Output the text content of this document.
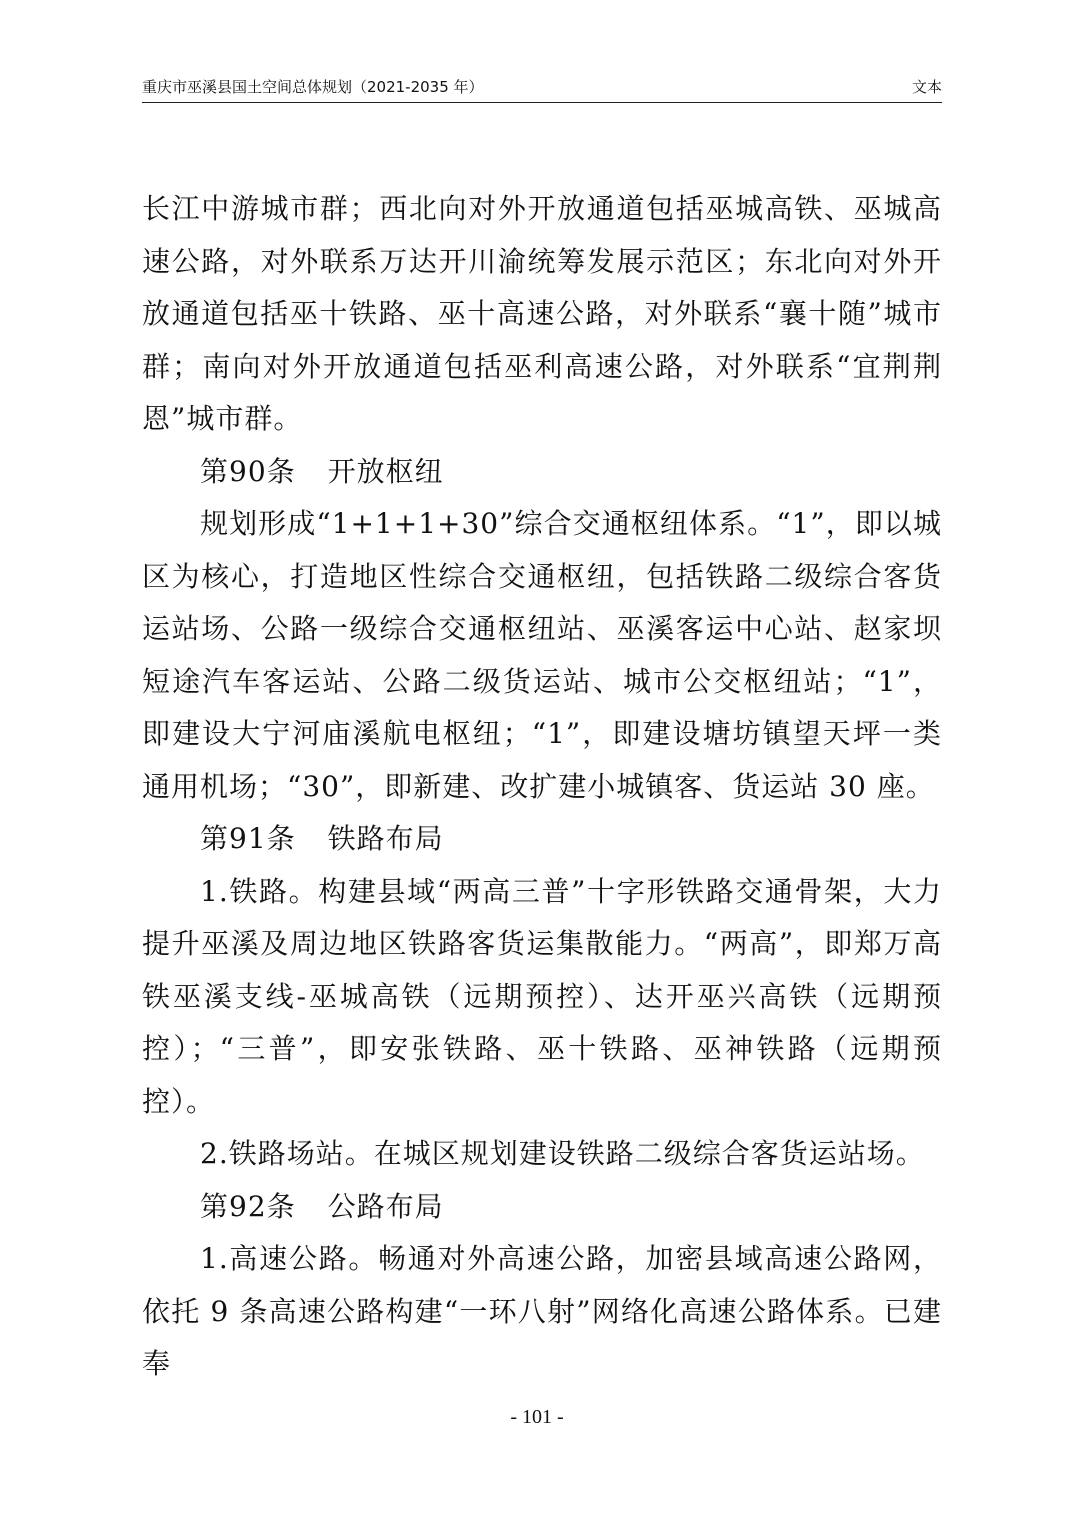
重庆市巫溪县国土空间总体规划（2021-2035 年）	文本

长江中游城市群；西北向对外开放通道包括巫城高铁、巫城高速公路，对外联系万达开川渝统筹发展示范区；东北向对外开放通道包括巫十铁路、巫十高速公路，对外联系“襄十随”城市群；南向对外开放通道包括巫利高速公路，对外联系“宜荆荆恩”城市群。

第90条 开放枢纽

规划形成“1+1+1+30”综合交通枢纽体系。“1”，即以城区为核心，打造地区性综合交通枢纽，包括铁路二级综合客货运站场、公路一级综合交通枢纽站、巫溪客运中心站、赵家坝短途汽车客运站、公路二级货运站、城市公交枢纽站；“1”，即建设大宁河庙溪航电枢纽；“1”，即建设塘坊镇望天坪一类通用机场；“30”，即新建、改扩建小城镇客、货运站 30 座。

第91条 铁路布局

1.铁路。构建县域“两高三普”十字形铁路交通骨架，大力提升巫溪及周边地区铁路客货运集散能力。“两高”，即郑万高铁巫溪支线-巫城高铁（远期预控）、达开巫兴高铁（远期预控）；“三普”，即安张铁路、巫十铁路、巫神铁路（远期预控）。

2.铁路场站。在城区规划建设铁路二级综合客货运站场。

第92条 公路布局

1.高速公路。畅通对外高速公路，加密县域高速公路网，依托 9 条高速公路构建“一环八射”网络化高速公路体系。已建奉

- 101 -
